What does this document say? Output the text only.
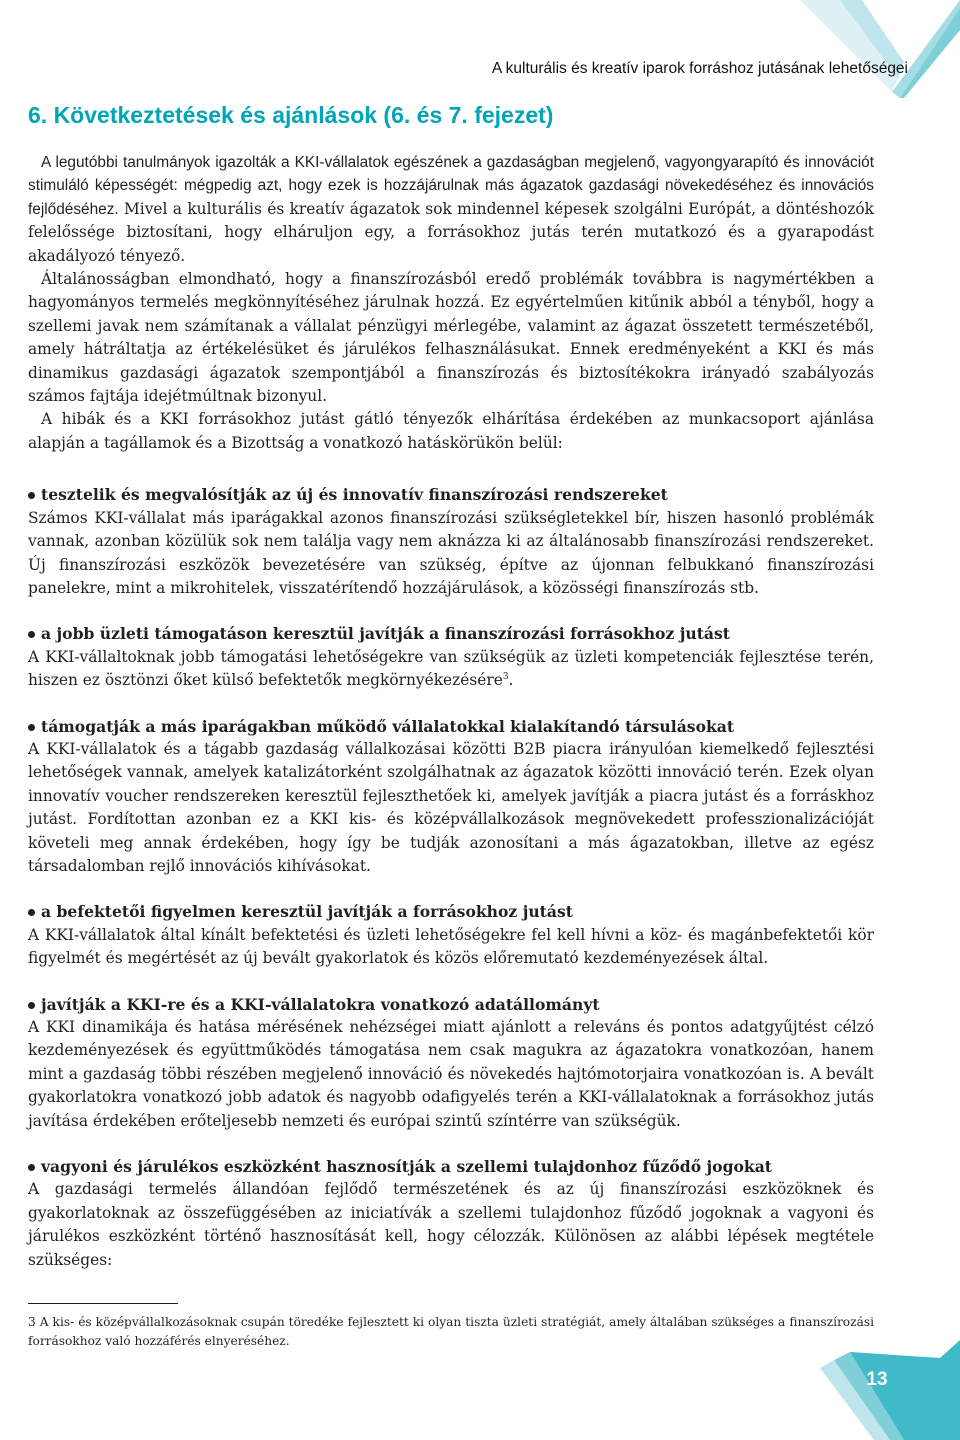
A kulturális és kreatív iparok forráshoz jutásának lehetőségei
6. Következtetések és ajánlások (6. és 7. fejezet)

A legutóbbi tanulmányok igazolták a KKI-vállalatok egészének a gazdaságban megjelenő, vagyongyarapító és innovációt stimuláló képességét: mégpedig azt, hogy ezek is hozzájárulnak más ágazatok gazdasági növekedéséhez és innovációs fejlődéséhez. Mivel a kulturális és kreatív ágazatok sok mindennel képesek szolgálni Európát, a döntéshozók felelőssége biztosítani, hogy elháruljon egy, a forrásokhoz jutás terén mutatkozó és a gyarapodást akadályozó tényező.

Általánosságban elmondható, hogy a finanszírozásból eredő problémák továbbra is nagymértékben a hagyományos termelés megkönnyítéséhez járulnak hozzá. Ez egyértelműen kitűnik abból a tényből, hogy a szellemi javak nem számítanak a vállalat pénzügyi mérlegébe, valamint az ágazat összetett természetéből, amely hátráltatja az értékelésüket és járulékos felhasználásukat. Ennek eredményeként a KKI és más dinamikus gazdasági ágazatok szempontjából a finanszírozás és biztosítékokra irányadó szabályozás számos fajtája idejétmúltnak bizonyul.

A hibák és a KKI forrásokhoz jutást gátló tényezők elhárítása érdekében az munkacsoport ajánlása alapján a tagállamok és a Bizottság a vonatkozó hatáskörükön belül:

tesztelik és megvalósítják az új és innovatív finanszírozási rendszereket

Számos KKI-vállalat más iparágakkal azonos finanszírozási szükségletekkel bír, hiszen hasonló problémák vannak, azonban közülük sok nem találja vagy nem aknázza ki az általánosabb finanszírozási rendszereket. Új finanszírozási eszközök bevezetésére van szükség, építve az újonnan felbukkanó finanszírozási panelekre, mint a mikrohitelek, visszatérítendő hozzájárulások, a közösségi finanszírozás stb.

a jobb üzleti támogatáson keresztül javítják a finanszírozási forrásokhoz jutást

A KKI-vállaltoknak jobb támogatási lehetőségekre van szükségük az üzleti kompetenciák fejlesztése terén, hiszen ez ösztönzi őket külső befektetők megkörnyékezésére$^3$.

támogatják a más iparágakban működő vállalatokkal kialakítandó társulásokat

A KKI-vállalatok és a tágabb gazdaság vállalkozásai közötti B2B piacra irányulóan kiemelkedő fejlesztési lehetőségek vannak, amelyek katalizátorként szolgálhatnak az ágazatok közötti innováció terén. Ezek olyan innovatív voucher rendszereken keresztül fejleszthetőek ki, amelyek javítják a piacra jutást és a forráskhoz jutást. Fordítottan azonban ez a KKI kis- és középvállalkozások megnövekedett professzionalizációját követeli meg annak érdekében, hogy így be tudják azonosítani a más ágazatokban, illetve az egész társadalomban rejlő innovációs kihívásokat.

a befektetői figyelmen keresztül javítják a forrásokhoz jutást

A KKI-vállalatok által kínált befektetési és üzleti lehetőségekre fel kell hívni a köz- és magánbefektetői kör figyelmét és megértését az új bevált gyakorlatok és közös előremutató kezdeményezések által.

javítják a KKI-re és a KKI-vállalatokra vonatkozó adatállományt

A KKI dinamikája és hatása mérésének nehézségei miatt ajánlott a releváns és pontos adatgyűjtést célzó kezdeményezések és együttműködés támogatása nem csak magukra az ágazatokra vonatkozóan, hanem mint a gazdaság többi részében megjelenő innováció és növekedés hajtómotorjaira vonatkozóan is. A bevált gyakorlatokra vonatkozó jobb adatok és nagyobb odafigyelés terén a KKI-vállalatoknak a forrásokhoz jutás javítása érdekében erőteljesebb nemzeti és európai szintű színtérre van szükségük.

vagyoni és járulékos eszközként hasznosítják a szellemi tulajdonhoz fűződő jogokat

A gazdasági termelés állandóan fejlődő természetének és az új finanszírozási eszközöknek és gyakorlatoknak az összefüggésében az iniciatívák a szellemi tulajdonhoz fűződő jogoknak a vagyoni és járulékos eszközként történő hasznosítását kell, hogy célozzák. Különösen az alábbi lépések megtétele szükséges:

3 A kis- és középvállalkozásoknak csupán töredéke fejlesztett ki olyan tiszta üzleti stratégiát, amely általában szükséges a finanszírozási forrásokhoz való hozzáférés elnyeréséhez.

13
